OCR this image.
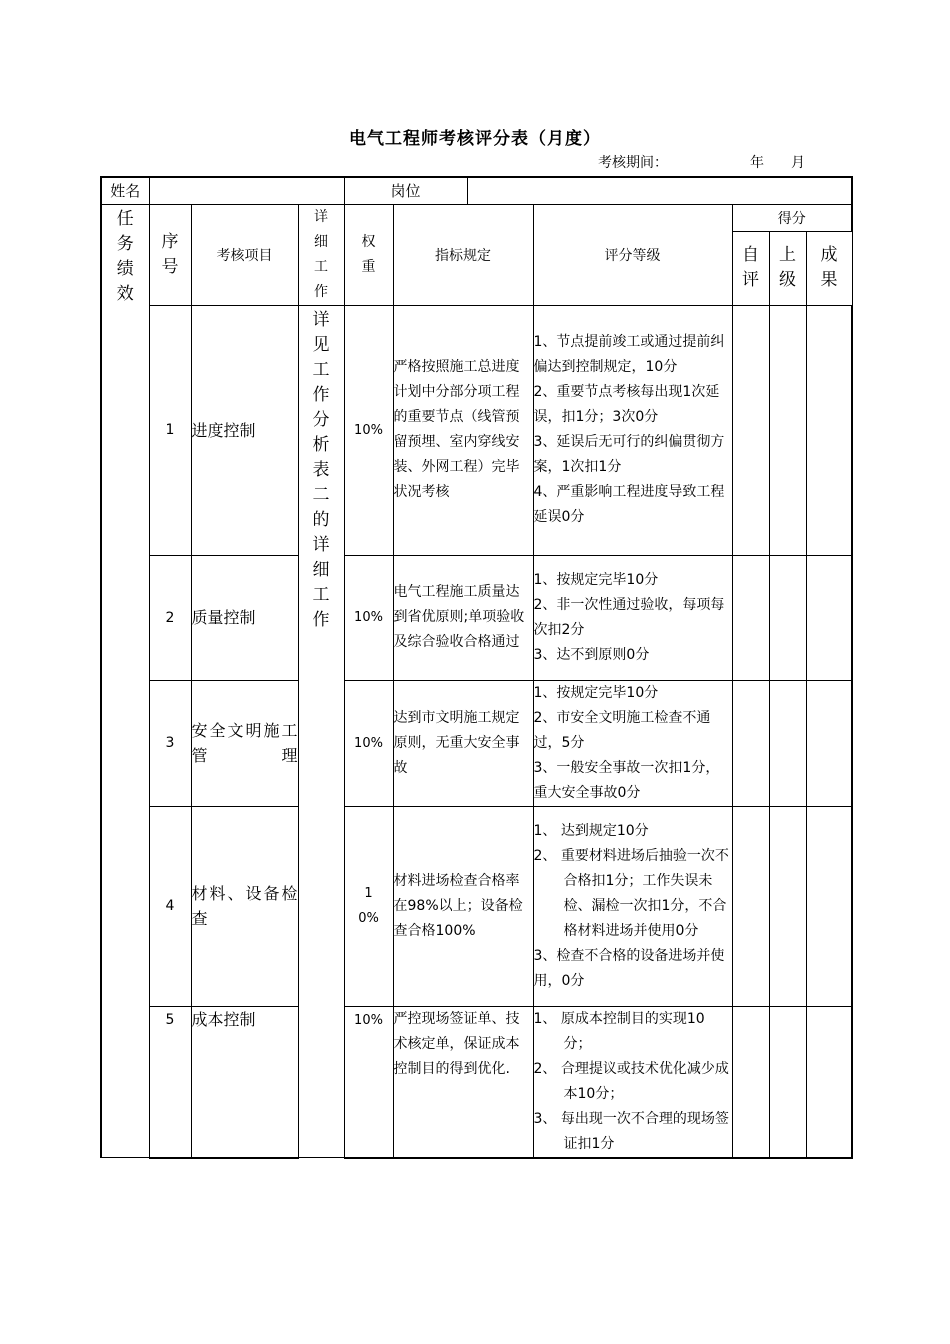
电气工程师考核评分表（月度）
考核期间：	年 月
姓名				岗位						

任务绩效	序号	考核项目	详细工作	权重	指标规定		评分等级	得分		

								自评	上级	成果

	1	进度控制	详见工作分析表二的详细工作	10%	严格按照施工总进度计划中分部分项工程的重要节点（线管预留预埋、室内穿线安装、外网工程）完毕状况考核		1、节点提前竣工或通过提前纠偏达到控制规定，10分
2、重要节点考核每出现1次延误，扣1分；3次0分
3、延误后无可行的纠偏贯彻方案，1次扣1分
4、严重影响工程进度导致工程延误0分			

	2	质量控制		10%	电气工程施工质量达到省优原则;单项验收及综合验收合格通过		1、按规定完毕10分
2、非一次性通过验收，每项每次扣2分
3、达不到原则0分			

	3	安全文明施工管理		10%	达到市文明施工规定原则，无重大安全事故		1、按规定完毕10分
2、市安全文明施工检查不通过，5分
3、一般安全事故一次扣1分，重大安全事故0分			

	4	材料、设备检查		10%	材料进场检查合格率在98%以上；设备检查合格100%		1、 达到规定10分
2、 重要材料进场后抽验一次不合格扣1分；工作失误未检、漏检一次扣1分，不合格材料进场并使用0分
3、检查不合格的设备进场并使用，0分			

	5	成本控制		10%	严控现场签证单、技术核定单，保证成本控制目的得到优化.		1、 原成本控制目的实现10分；
2、 合理提议或技术优化减少成本10分；
3、 每出现一次不合理的现场签证扣1分			
